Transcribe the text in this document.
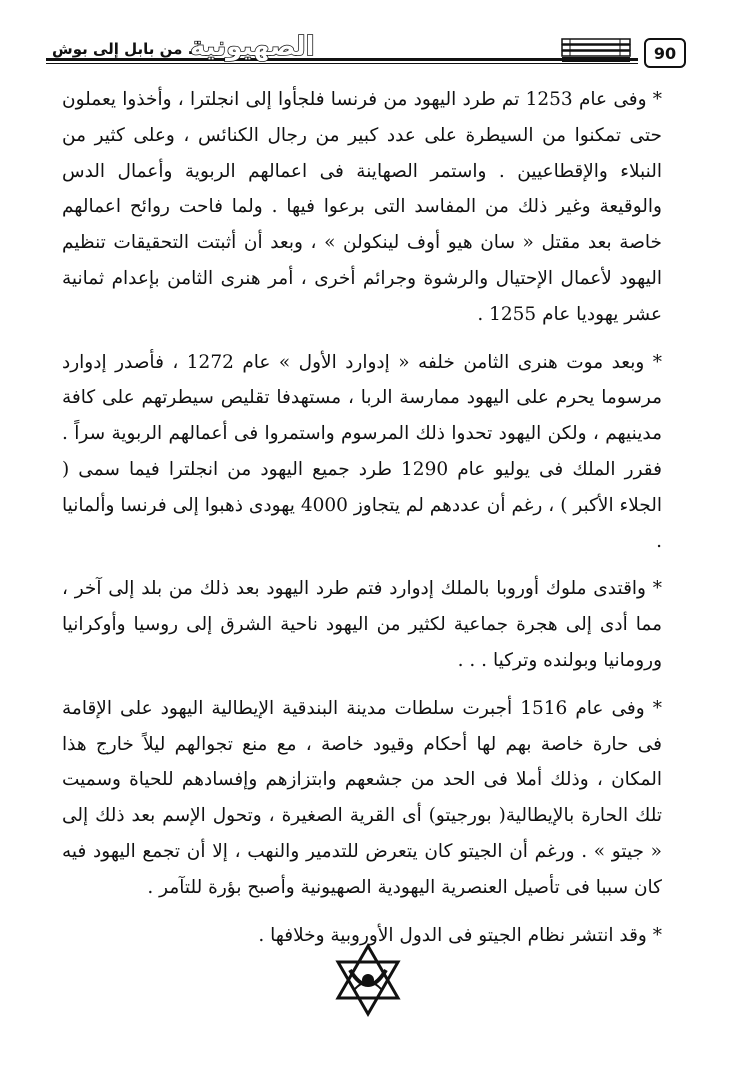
.. من بابل إلى بوش
الصهيونية	90

* وفى عام 1253 تم طرد اليهود من فرنسا فلجأوا إلى انجلترا ، وأخذوا يعملون حتى تمكنوا من السيطرة على عدد كبير من رجال الكنائس ، وعلى كثير من النبلاء والإقطاعيين . واستمر الصهاينة فى اعمالهم الربوية وأعمال الدس والوقيعة وغير ذلك من المفاسد التى برعوا فيها . ولما فاحت روائح اعمالهم خاصة بعد مقتل « سان هيو أوف لينكولن » ، وبعد أن أثبتت التحقيقات تنظيم اليهود لأعمال الإحتيال والرشوة وجرائم أخرى ، أمر هنرى الثامن بإعدام ثمانية عشر يهوديا عام 1255 .

* وبعد موت هنرى الثامن خلفه « إدوارد الأول » عام 1272 ، فأصدر إدوارد مرسوما يحرم على اليهود ممارسة الربا ، مستهدفا تقليص سيطرتهم على كافة مدينيهم ، ولكن اليهود تحدوا ذلك المرسوم واستمروا فى أعمالهم الربوية سراً . فقرر الملك فى يوليو عام 1290 طرد جميع اليهود من انجلترا فيما سمى ( الجلاء الأكبر ) ، رغم أن عددهم لم يتجاوز 4000 يهودى ذهبوا إلى فرنسا وألمانيا .

* واقتدى ملوك أوروبا بالملك إدوارد فتم طرد اليهود بعد ذلك من بلد إلى آخر ، مما أدى إلى هجرة جماعية لكثير من اليهود ناحية الشرق إلى روسيا وأوكرانيا ورومانيا وبولنده وتركيا . . .

* وفى عام 1516 أجبرت سلطات مدينة البندقية الإيطالية اليهود على الإقامة فى حارة خاصة بهم لها أحكام وقيود خاصة ، مع منع تجوالهم ليلاً خارج هذا المكان ، وذلك أملا فى الحد من جشعهم وابتزازهم وإفسادهم للحياة وسميت تلك الحارة بالإيطالية( بورجيتو) أى القرية الصغيرة ، وتحول الإسم بعد ذلك إلى « جيتو » . ورغم أن الجيتو كان يتعرض للتدمير والنهب ، إلا أن تجمع اليهود فيه كان سببا فى تأصيل العنصرية اليهودية الصهيونية وأصبح بؤرة للتآمر .

* وقد انتشر نظام الجيتو فى الدول الأوروبية وخلافها .
